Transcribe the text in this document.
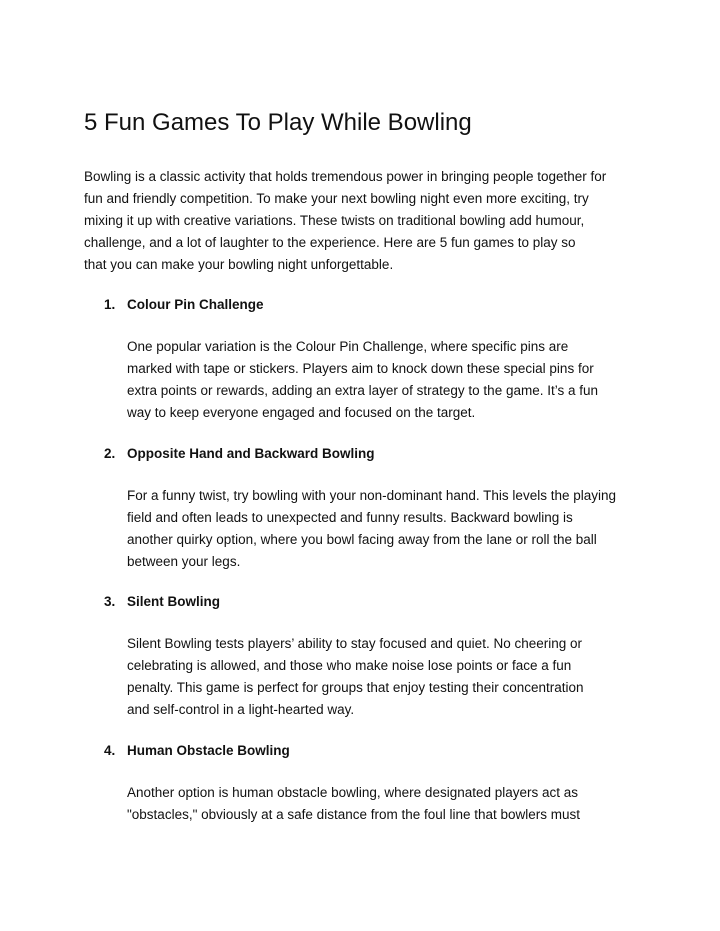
5 Fun Games To Play While Bowling

Bowling is a classic activity that holds tremendous power in bringing people together for
fun and friendly competition. To make your next bowling night even more exciting, try
mixing it up with creative variations. These twists on traditional bowling add humour,
challenge, and a lot of laughter to the experience. Here are 5 fun games to play so
that you can make your bowling night unforgettable.

1. Colour Pin Challenge

One popular variation is the Colour Pin Challenge, where specific pins are
marked with tape or stickers. Players aim to knock down these special pins for
extra points or rewards, adding an extra layer of strategy to the game. It’s a fun
way to keep everyone engaged and focused on the target.

2. Opposite Hand and Backward Bowling

For a funny twist, try bowling with your non-dominant hand. This levels the playing
field and often leads to unexpected and funny results. Backward bowling is
another quirky option, where you bowl facing away from the lane or roll the ball
between your legs.

3. Silent Bowling

Silent Bowling tests players’ ability to stay focused and quiet. No cheering or
celebrating is allowed, and those who make noise lose points or face a fun
penalty. This game is perfect for groups that enjoy testing their concentration
and self-control in a light-hearted way.

4. Human Obstacle Bowling

Another option is human obstacle bowling, where designated players act as
"obstacles," obviously at a safe distance from the foul line that bowlers must
